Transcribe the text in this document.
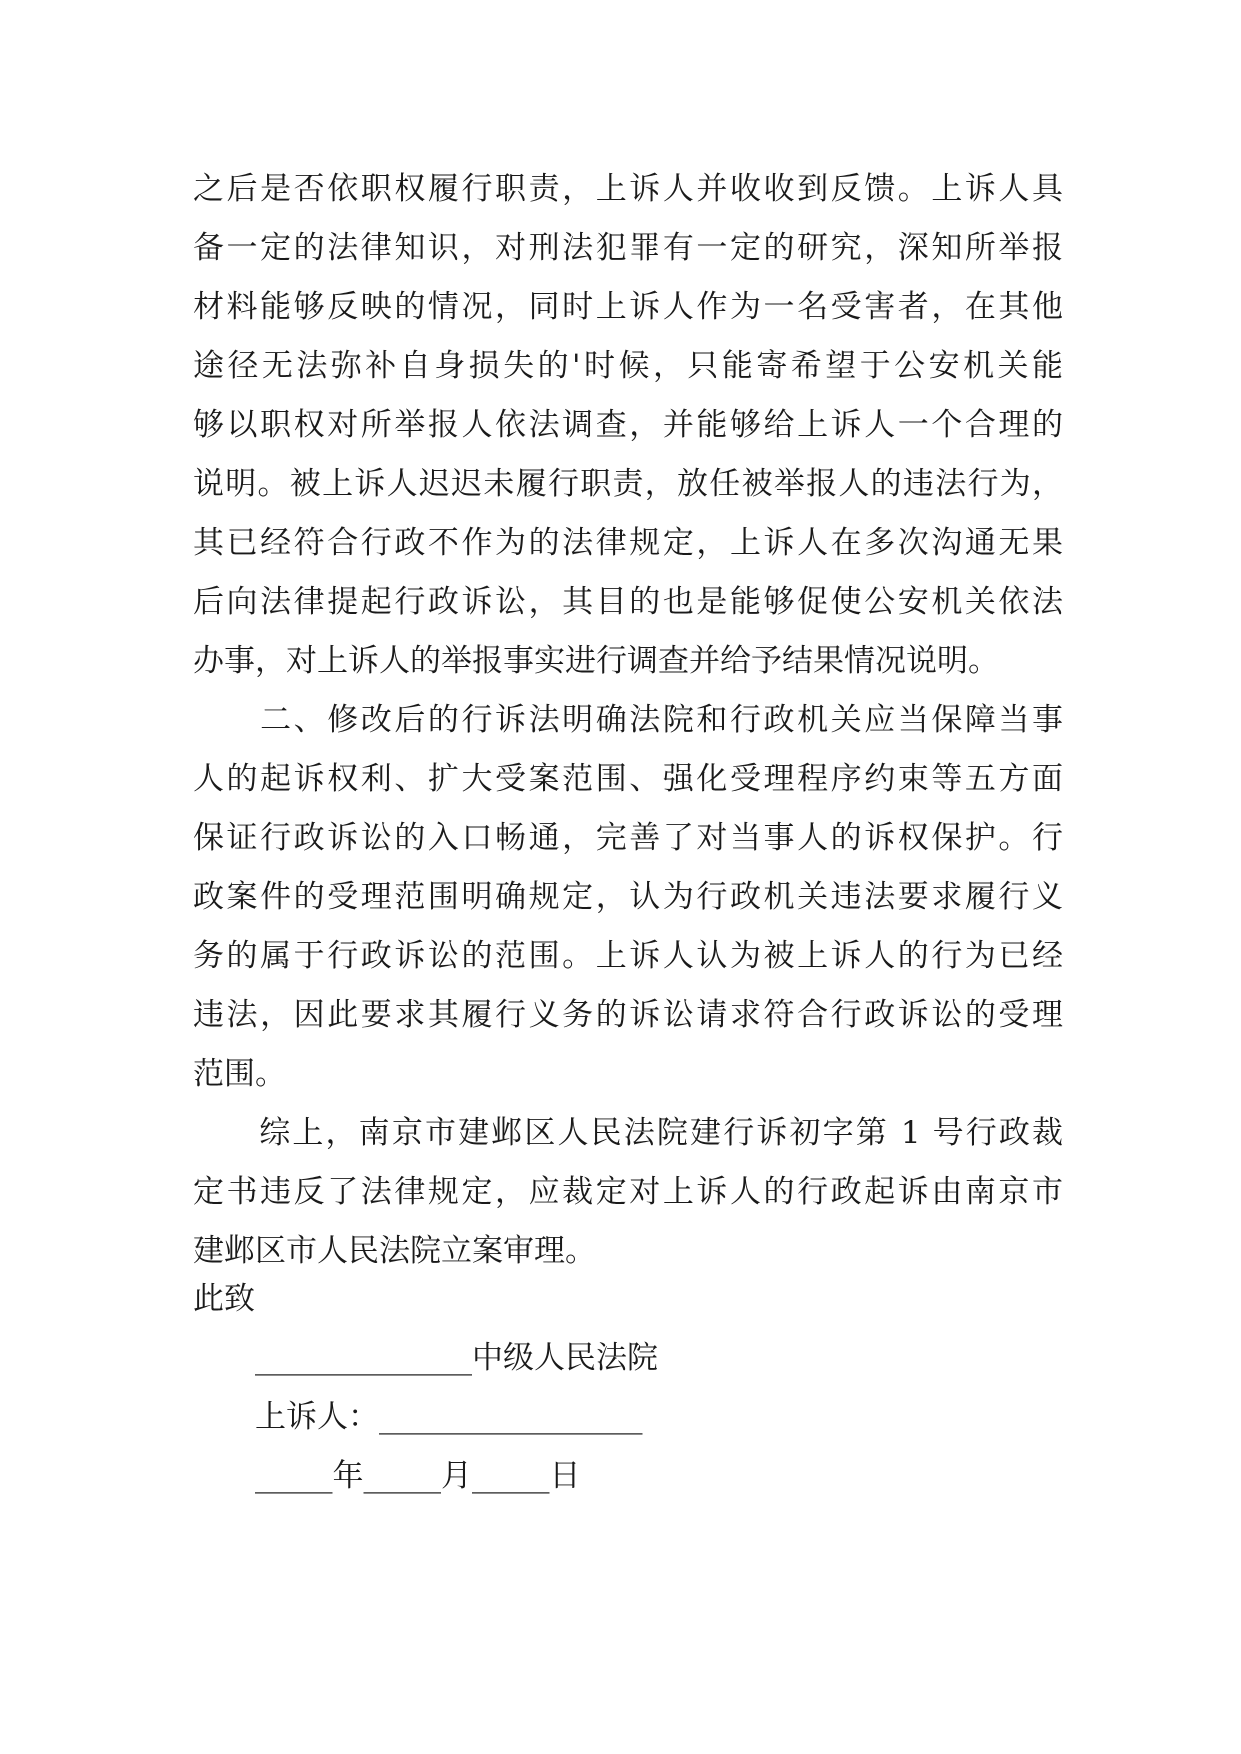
之后是否依职权履行职责，上诉人并收收到反馈。上诉人具
备一定的法律知识，对刑法犯罪有一定的研究，深知所举报
材料能够反映的情况，同时上诉人作为一名受害者，在其他
途径无法弥补自身损失的'时候，只能寄希望于公安机关能
够以职权对所举报人依法调查，并能够给上诉人一个合理的
说明。被上诉人迟迟未履行职责，放任被举报人的违法行为，
其已经符合行政不作为的法律规定，上诉人在多次沟通无果
后向法律提起行政诉讼，其目的也是能够促使公安机关依法
办事，对上诉人的举报事实进行调查并给予结果情况说明。
　　二、修改后的行诉法明确法院和行政机关应当保障当事
人的起诉权利、扩大受案范围、强化受理程序约束等五方面
保证行政诉讼的入口畅通，完善了对当事人的诉权保护。行
政案件的受理范围明确规定，认为行政机关违法要求履行义
务的属于行政诉讼的范围。上诉人认为被上诉人的行为已经
违法，因此要求其履行义务的诉讼请求符合行政诉讼的受理
范围。
　　综上，南京市建邺区人民法院建行诉初字第 1 号行政裁
定书违反了法律规定，应裁定对上诉人的行政起诉由南京市
建邺区市人民法院立案审理。
此致
______________中级人民法院
上诉人：_________________
_____年_____月_____日
